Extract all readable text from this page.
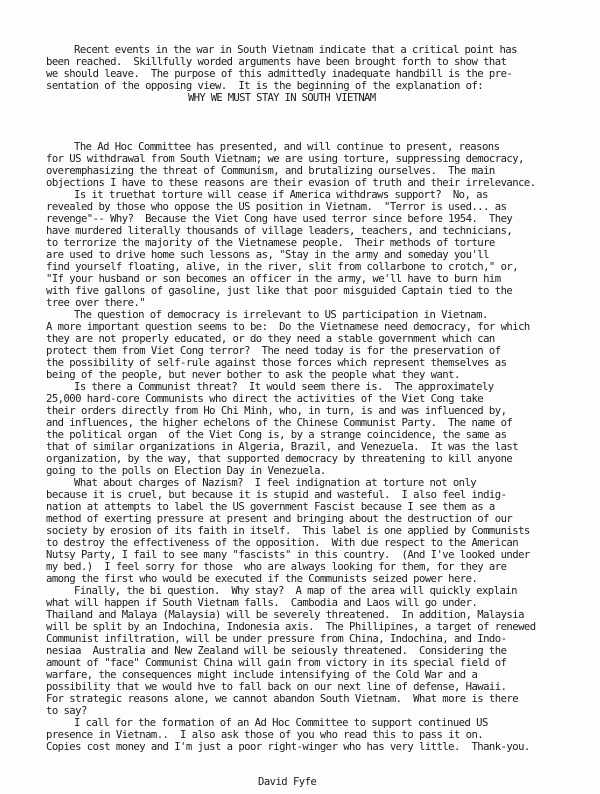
Recent events in the war in South Vietnam indicate that a critical point has
been reached.  Skillfully worded arguments have been brought forth to show that
we should leave.  The purpose of this admittedly inadequate handbill is the pre-
sentation of the opposing view.  It is the beginning of the explanation of:
WHY WE MUST STAY IN SOUTH VIETNAM
The Ad Hoc Committee has presented, and will continue to present, reasons
for US withdrawal from South Vietnam; we are using torture, suppressing democracy,
overemphasizing the threat of Communism, and brutalizing ourselves.  The main
objections I have to these reasons are their evasion of truth and their irrelevance.
Is it truethat torture will cease if America withdraws support?  No, as
revealed by those who oppose the US position in Vietnam.  "Terror is used... as
revenge"-- Why?  Because the Viet Cong have used terror since before 1954.  They
have murdered literally thousands of village leaders, teachers, and technicians,
to terrorize the majority of the Vietnamese people.  Their methods of torture
are used to drive home such lessons as, "Stay in the army and someday you'll
find yourself floating, alive, in the river, slit from collarbone to crotch," or,
"If your husband or son becomes an officer in the army, we'll have to burn him
with five gallons of gasoline, just like that poor misguided Captain tied to the
tree over there."
The question of democracy is irrelevant to US participation in Vietnam.
A more important question seems to be:  Do the Vietnamese need democracy, for which
they are not properly educated, or do they need a stable government which can
protect them from Viet Cong terror?  The need today is for the preservation of
the possibility of self-rule against those forces which represent themselves as
being of the people, but never bother to ask the people what they want.
Is there a Communist threat?  It would seem there is.  The approximately
25,000 hard-core Communists who direct the activities of the Viet Cong take
their orders directly from Ho Chi Minh, who, in turn, is and was influenced by,
and influences, the higher echelons of the Chinese Communist Party.  The name of
the political organ  of the Viet Cong is, by a strange coincidence, the same as
that of similar organizations in Algeria, Brazil, and Venezuela.  It was the last
organization, by the way, that supported democracy by threatening to kill anyone
going to the polls on Election Day in Venezuela.
What about charges of Nazism?  I feel indignation at torture not only
because it is cruel, but because it is stupid and wasteful.  I also feel indig-
nation at attempts to label the US government Fascist because I see them as a
method of exerting pressure at present and bringing about the destruction of our
society by erosion of its faith in itself.  This label is one applied by Communists
to destroy the effectiveness of the opposition.  With due respect to the American
Nutsy Party, I fail to see many "fascists" in this country.  (And I've looked under
my bed.)  I feel sorry for those  who are always looking for them, for they are
among the first who would be executed if the Communists seized power here.
Finally, the bi question.  Why stay?  A map of the area will quickly explain
what will happen if South Vietnam falls.  Cambodia and Laos will go under.
Thailand and Malaya (Malaysia) will be severely threatened.  In addition, Malaysia
will be split by an Indochina, Indonesia axis.  The Phillipines, a target of renewed
Communist infiltration, will be under pressure from China, Indochina, and Indo-
nesiaa  Australia and New Zealand will be seiously threatened.  Considering the
amount of "face" Communist China will gain from victory in its special field of
warfare, the consequences might include intensifying of the Cold War and a
possibility that we would hve to fall back on our next line of defense, Hawaii.
For strategic reasons alone, we cannot abandon South Vietnam.  What more is there
to say?
I call for the formation of an Ad Hoc Committee to support continued US
presence in Vietnam..  I also ask those of you who read this to pass it on.
Copies cost money and I'm just a poor right-winger who has very little.  Thank-you.
David Fyfe
